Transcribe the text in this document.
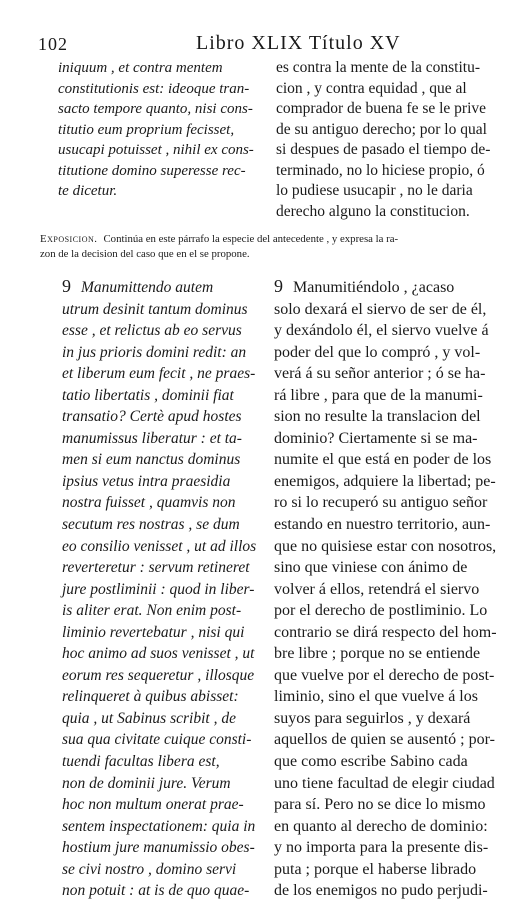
102	Libro XLIX Título XV
iniquum , et contra mentem
constitutionis est: ideoque tran-
sacto tempore quanto, nisi cons-
titutio eum proprium fecisset,
usucapi potuisset , nihil ex cons-
titutione domino superesse rec-
te dicetur.
es contra la mente de la constitu-
cion , y contra equidad , que al
comprador de buena fe se le prive
de su antiguo derecho; por lo qual
si despues de pasado el tiempo de-
terminado, no lo hiciese propio, ó
lo pudiese usucapir , no le daria
derecho alguno la constitucion.
Exposicion. Continúa en este párrafo la especie del antecedente , y expresa la ra-
zon de la decision del caso que en el se propone.
9 Manumittendo autem
utrum desinit tantum dominus
esse , et relictus ab eo servus
in jus prioris domini redit: an
et liberum eum fecit , ne praes-
tatio libertatis , dominii fiat
transatio? Certè apud hostes
manumissus liberatur : et ta-
men si eum nanctus dominus
ipsius vetus intra praesidia
nostra fuisset , quamvis non
secutum res nostras , se dum
eo consilio venisset , ut ad illos
reverteretur : servum retineret
jure postliminii : quod in liber-
is aliter erat. Non enim post-
liminio revertebatur , nisi qui
hoc animo ad suos venisset , ut
eorum res sequeretur , illosque
relinqueret à quibus abisset:
quia , ut Sabinus scribit , de
sua qua civitate cuique consti-
tuendi facultas libera est,
non de dominii jure. Verum
hoc non multum onerat prae-
sentem inspectationem: quia in
hostium jure manumissio obes-
se civi nostro , domino servi
non potuit : at is de quo quae-
9 Manumitiéndolo , ¿acaso
solo dexará el siervo de ser de él,
y dexándolo él, el siervo vuelve á
poder del que lo compró , y vol-
verá á su señor anterior ; ó se ha-
rá libre , para que de la manumi-
sion no resulte la translacion del
dominio? Ciertamente si se ma-
numite el que está en poder de los
enemigos, adquiere la libertad; pe-
ro si lo recuperó su antiguo señor
estando en nuestro territorio, aun-
que no quisiese estar con nosotros,
sino que viniese con ánimo de
volver á ellos, retendrá el siervo
por el derecho de postliminio. Lo
contrario se dirá respecto del hom-
bre libre ; porque no se entiende
que vuelve por el derecho de post-
liminio, sino el que vuelve á los
suyos para seguirlos , y dexará
aquellos de quien se ausentó ; por-
que como escribe Sabino cada
uno tiene facultad de elegir ciudad
para sí. Pero no se dice lo mismo
en quanto al derecho de dominio:
y no importa para la presente dis-
puta ; porque el haberse librado
de los enemigos no pudo perjudi-
